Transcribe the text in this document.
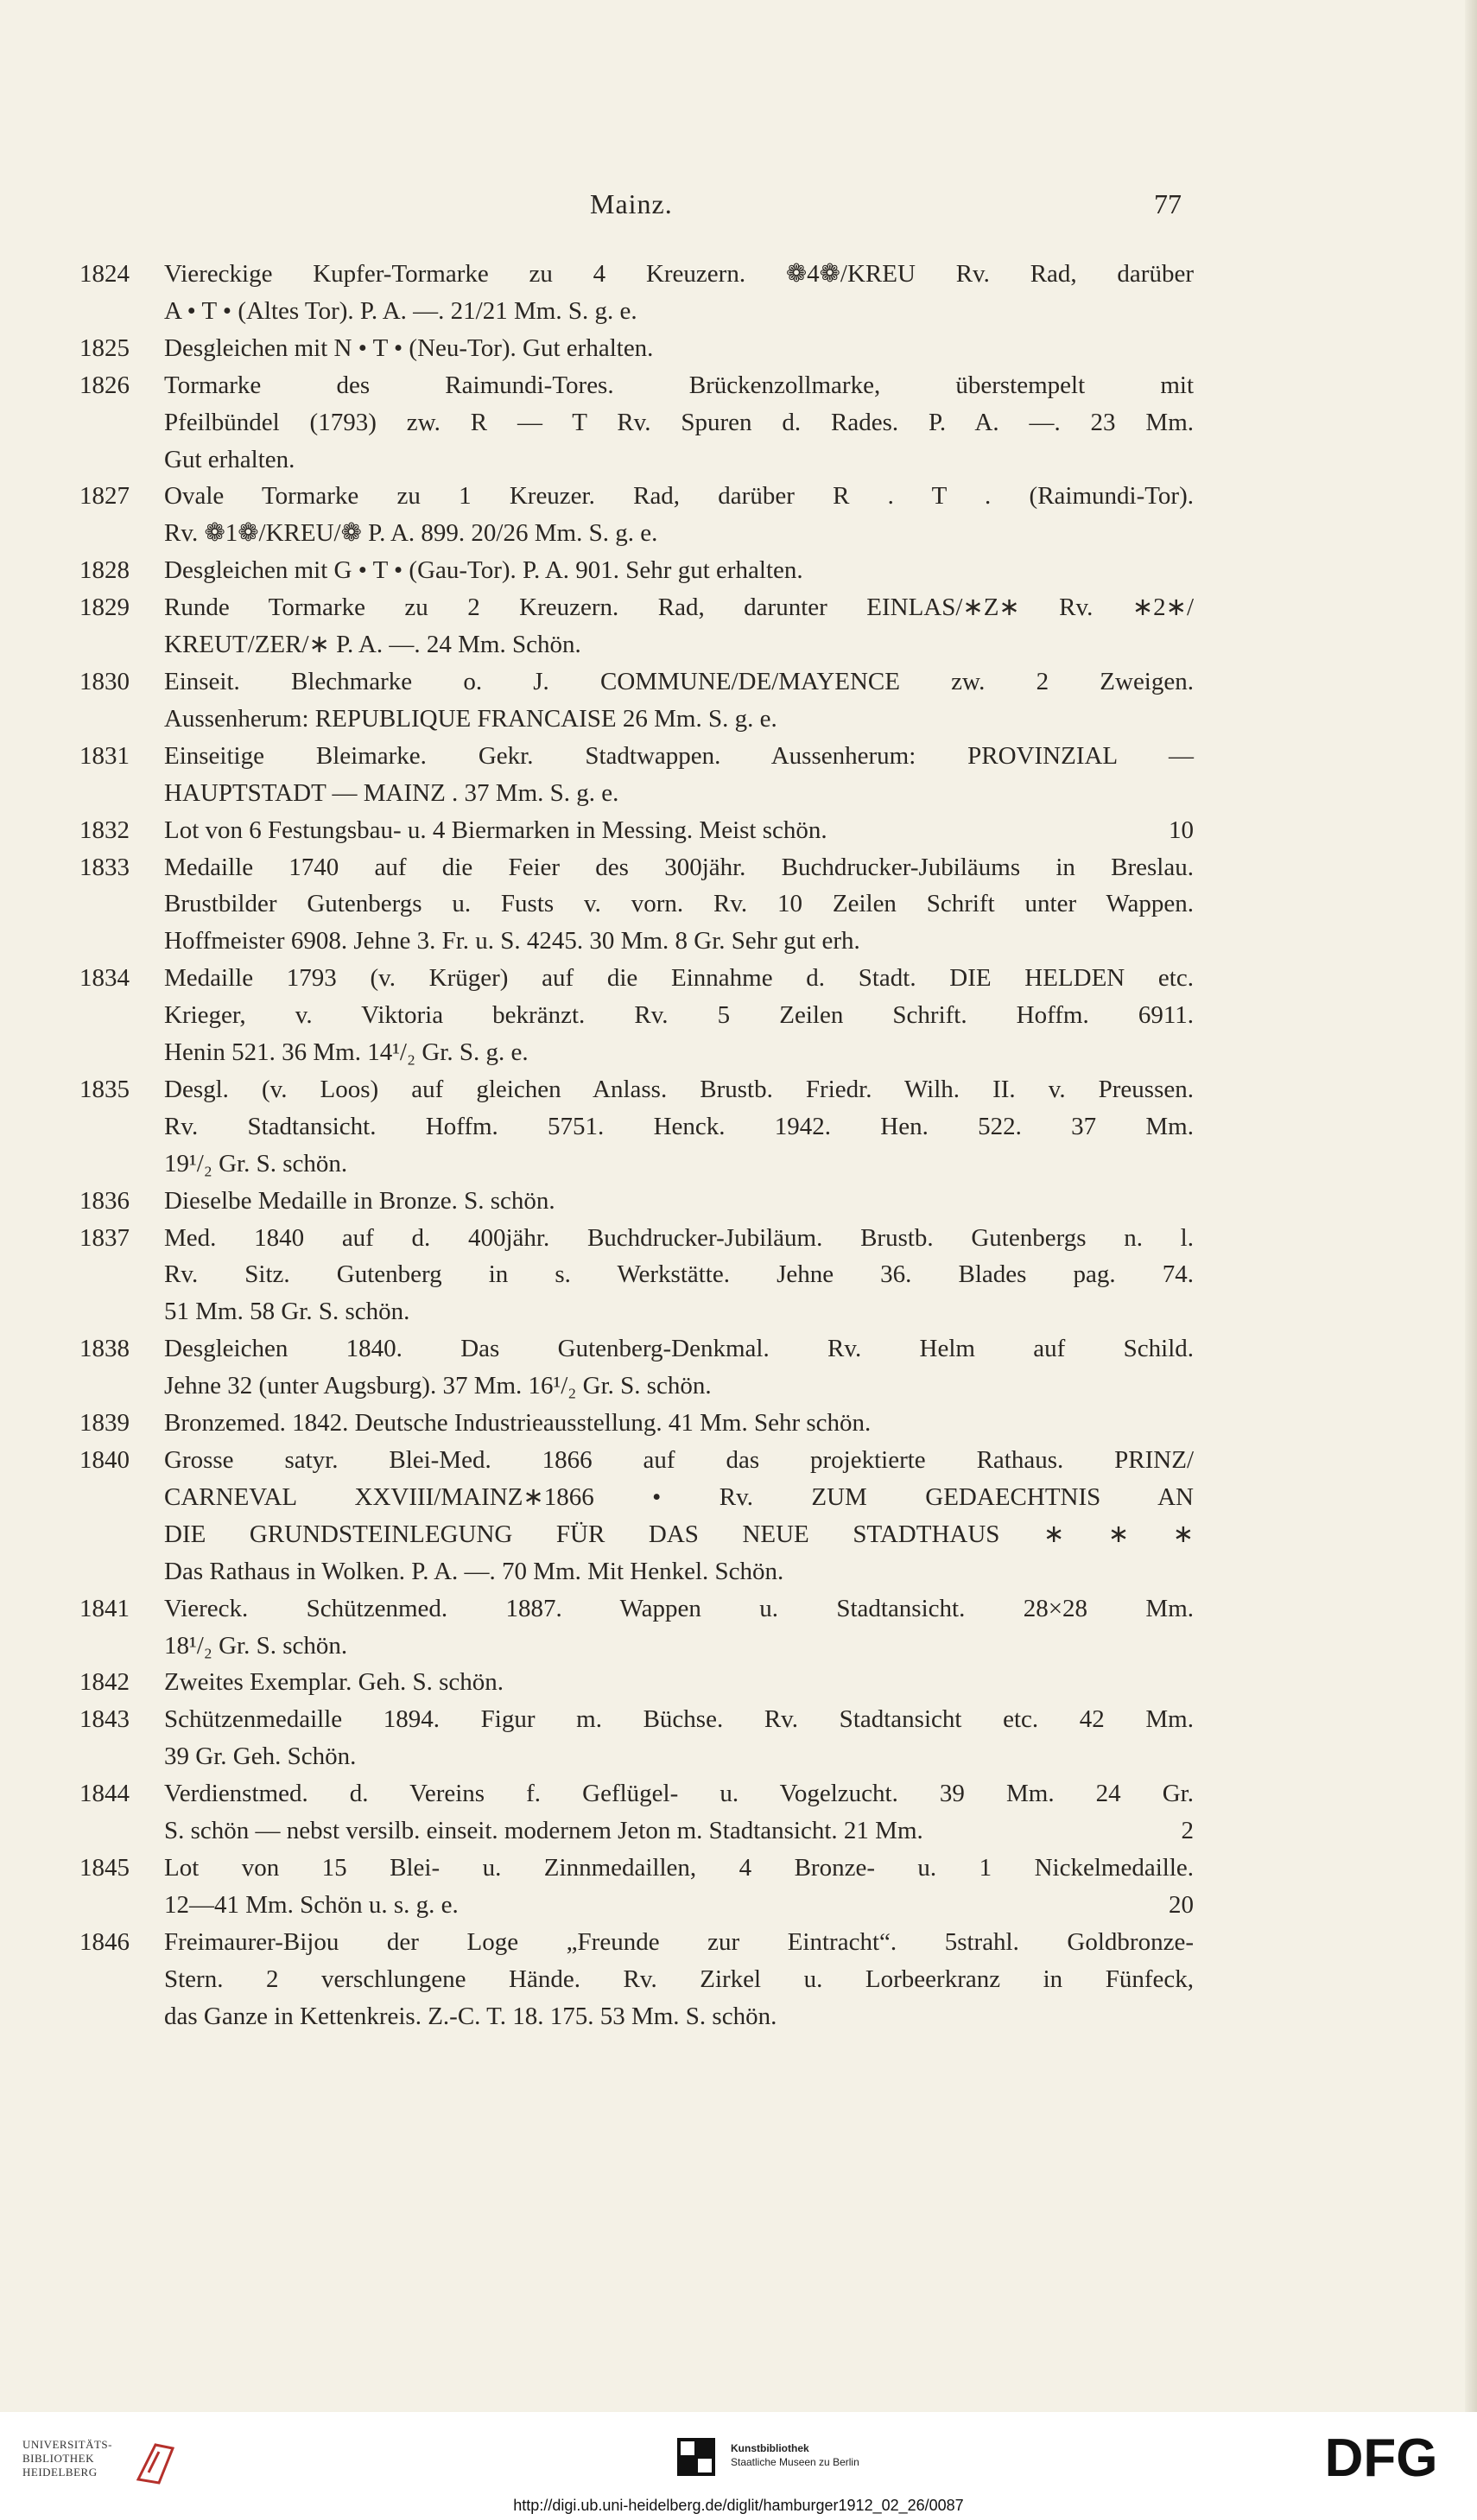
Mainz.	77
1824	Viereckige Kupfer-Tormarke zu 4 Kreuzern. ❁4❁/KREU Rv. Rad, darüber
A • T • (Altes Tor). P. A. —. 21/21 Mm. S. g. e.
1825	Desgleichen mit N • T • (Neu-Tor). Gut erhalten.
1826	Tormarke des Raimundi-Tores. Brückenzollmarke, überstempelt mit
Pfeilbündel (1793) zw. R — T Rv. Spuren d. Rades. P. A. —. 23 Mm.
Gut erhalten.
1827	Ovale Tormarke zu 1 Kreuzer. Rad, darüber R . T . (Raimundi-Tor).
Rv. ❁1❁/KREU/❁ P. A. 899. 20/26 Mm. S. g. e.
1828	Desgleichen mit G • T • (Gau-Tor). P. A. 901. Sehr gut erhalten.
1829	Runde Tormarke zu 2 Kreuzern. Rad, darunter EINLAS/∗Z∗ Rv. ∗2∗/
KREUT/ZER/∗ P. A. —. 24 Mm. Schön.
1830	Einseit. Blechmarke o. J. COMMUNE/DE/MAYENCE zw. 2 Zweigen.
Aussenherum: REPUBLIQUE FRANCAISE 26 Mm. S. g. e.
1831	Einseitige Bleimarke. Gekr. Stadtwappen. Aussenherum: PROVINZIAL —
HAUPTSTADT — MAINZ . 37 Mm. S. g. e.
1832	Lot von 6 Festungsbau- u. 4 Biermarken in Messing. Meist schön.	10
1833	Medaille 1740 auf die Feier des 300jähr. Buchdrucker-Jubiläums in Breslau.
Brustbilder Gutenbergs u. Fusts v. vorn. Rv. 10 Zeilen Schrift unter Wappen.
Hoffmeister 6908. Jehne 3. Fr. u. S. 4245. 30 Mm. 8 Gr. Sehr gut erh.
1834	Medaille 1793 (v. Krüger) auf die Einnahme d. Stadt. DIE HELDEN etc.
Krieger, v. Viktoria bekränzt. Rv. 5 Zeilen Schrift. Hoffm. 6911.
Henin 521. 36 Mm. 14¹/₂ Gr. S. g. e.
1835	Desgl. (v. Loos) auf gleichen Anlass. Brustb. Friedr. Wilh. II. v. Preussen.
Rv. Stadtansicht. Hoffm. 5751. Henck. 1942. Hen. 522. 37 Mm.
19¹/₂ Gr. S. schön.
1836	Dieselbe Medaille in Bronze. S. schön.
1837	Med. 1840 auf d. 400jähr. Buchdrucker-Jubiläum. Brustb. Gutenbergs n. l.
Rv. Sitz. Gutenberg in s. Werkstätte. Jehne 36. Blades pag. 74.
51 Mm. 58 Gr. S. schön.
1838	Desgleichen 1840. Das Gutenberg-Denkmal. Rv. Helm auf Schild.
Jehne 32 (unter Augsburg). 37 Mm. 16¹/₂ Gr. S. schön.
1839	Bronzemed. 1842. Deutsche Industrieausstellung. 41 Mm. Sehr schön.
1840	Grosse satyr. Blei-Med. 1866 auf das projektierte Rathaus. PRINZ/
CARNEVAL XXVIII/MAINZ∗1866 • Rv. ZUM GEDAECHTNIS AN
DIE GRUNDSTEINLEGUNG FÜR DAS NEUE STADTHAUS ∗ ∗ ∗
Das Rathaus in Wolken. P. A. —. 70 Mm. Mit Henkel. Schön.
1841	Viereck. Schützenmed. 1887. Wappen u. Stadtansicht. 28×28 Mm.
18¹/₂ Gr. S. schön.
1842	Zweites Exemplar. Geh. S. schön.
1843	Schützenmedaille 1894. Figur m. Büchse. Rv. Stadtansicht etc. 42 Mm.
39 Gr. Geh. Schön.
1844	Verdienstmed. d. Vereins f. Geflügel- u. Vogelzucht. 39 Mm. 24 Gr.
S. schön — nebst versilb. einseit. modernem Jeton m. Stadtansicht. 21 Mm.	2
1845	Lot von 15 Blei- u. Zinnmedaillen, 4 Bronze- u. 1 Nickelmedaille.
12—41 Mm. Schön u. s. g. e.	20
1846	Freimaurer-Bijou der Loge „Freunde zur Eintracht“. 5strahl. Goldbronze-
Stern. 2 verschlungene Hände. Rv. Zirkel u. Lorbeerkranz in Fünfeck,
das Ganze in Kettenkreis. Z.-C. T. 18. 175. 53 Mm. S. schön.
UNIVERSITÄTS-
BIBLIOTHEK
HEIDELBERG
Kunstbibliothek
Staatliche Museen zu Berlin	DFG
http://digi.ub.uni-heidelberg.de/diglit/hamburger1912_02_26/0087
